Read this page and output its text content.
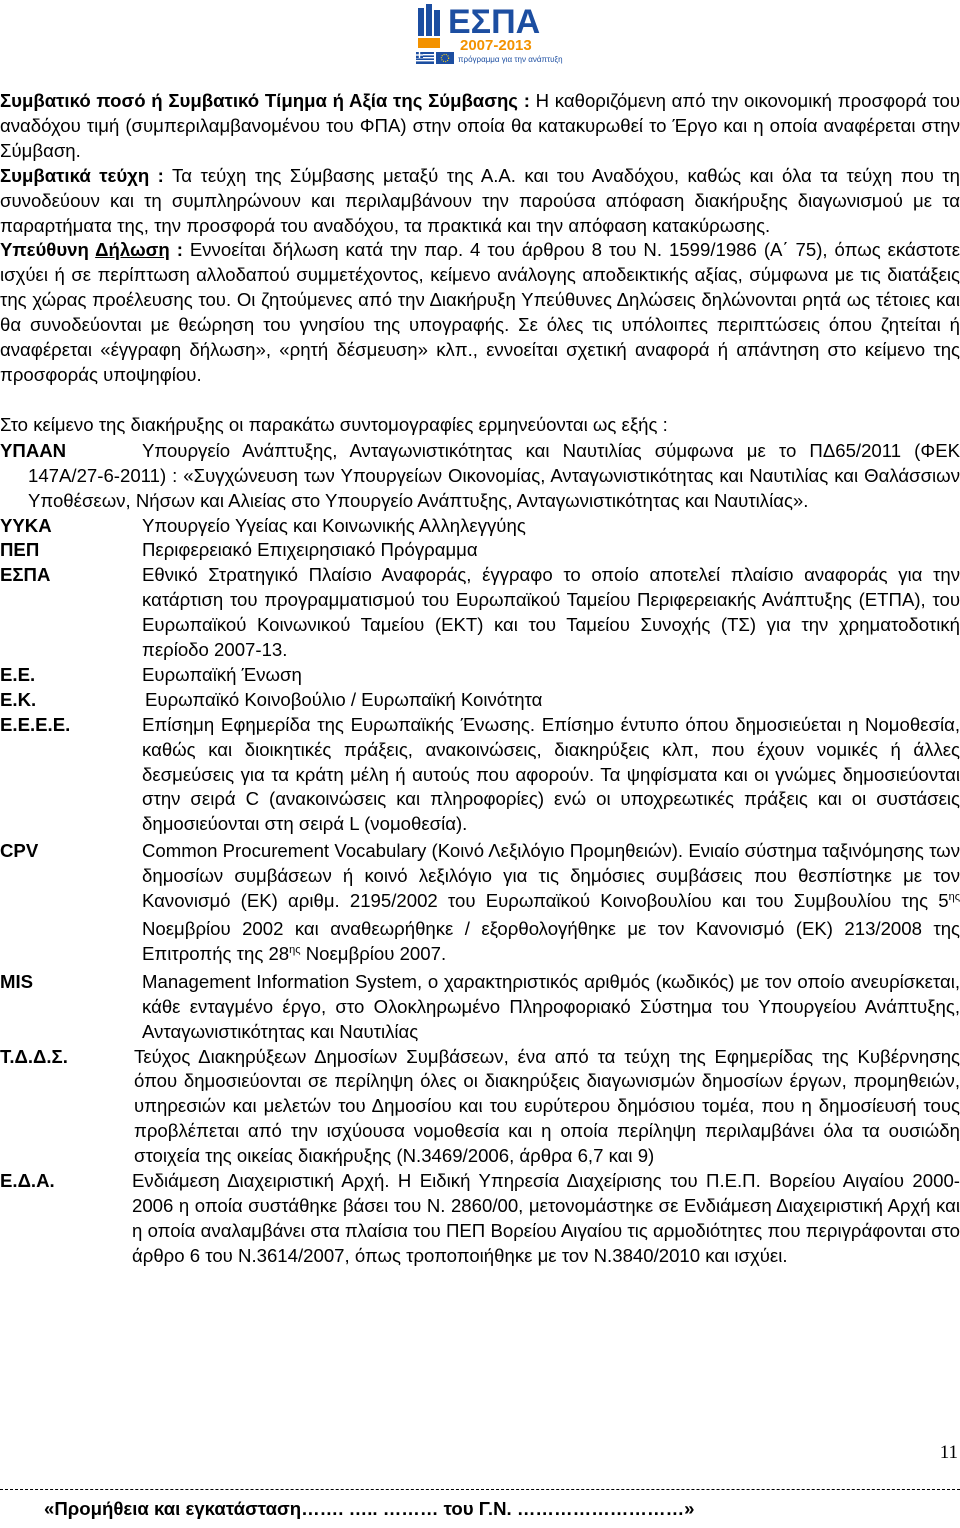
ΕΣΠΑ
2007-2013
πρόγραμμα για την ανάπτυξη

Συμβατικό ποσό ή Συμβατικό Τίμημα ή Αξία της Σύμβασης : Η καθοριζόμενη από την οικονομική προσφορά του αναδόχου τιμή (συμπεριλαμβανομένου του ΦΠΑ) στην οποία θα κατακυρωθεί το Έργο και η οποία αναφέρεται στην Σύμβαση.

Συμβατικά τεύχη : Τα τεύχη της Σύμβασης μεταξύ της Α.Α. και του Αναδόχου, καθώς και όλα τα τεύχη που τη συνοδεύουν και τη συμπληρώνουν και περιλαμβάνουν την παρούσα απόφαση διακήρυξης διαγωνισμού με τα παραρτήματα της, την προσφορά του αναδόχου, τα πρακτικά και την απόφαση κατακύρωσης.

Υπεύθυνη Δήλωση : Εννοείται δήλωση κατά την παρ. 4 του άρθρου 8 του Ν. 1599/1986 (Α΄ 75), όπως εκάστοτε ισχύει ή σε περίπτωση αλλοδαπού συμμετέχοντος, κείμενο ανάλογης αποδεικτικής αξίας, σύμφωνα με τις διατάξεις της χώρας προέλευσης του. Οι ζητούμενες από την Διακήρυξη Υπεύθυνες Δηλώσεις δηλώνονται ρητά ως τέτοιες και θα συνοδεύονται με θεώρηση του γνησίου της υπογραφής. Σε όλες τις υπόλοιπες περιπτώσεις όπου ζητείται ή αναφέρεται «έγγραφη δήλωση», «ρητή δέσμευση» κλπ., εννοείται σχετική αναφορά ή απάντηση στο κείμενο της προσφοράς υποψηφίου.

Στο κείμενο της διακήρυξης οι παρακάτω συντομογραφίες ερμηνεύονται ως εξής :

ΥΠΑΑΝ	Υπουργείο Ανάπτυξης, Ανταγωνιστικότητας και Ναυτιλίας σύμφωνα με το ΠΔ65/2011 (ΦΕΚ 147Α/27-6-2011) : «Συγχώνευση των Υπουργείων Οικονομίας, Ανταγωνιστικότητας και Ναυτιλίας και Θαλάσσιων Υποθέσεων, Νήσων και Αλιείας στο Υπουργείο Ανάπτυξης, Ανταγωνιστικότητας και Ναυτιλίας».
ΥΥΚΑ	Υπουργείο Υγείας και Κοινωνικής Αλληλεγγύης
ΠΕΠ	Περιφερειακό Επιχειρησιακό Πρόγραμμα
ΕΣΠΑ	Εθνικό Στρατηγικό Πλαίσιο Αναφοράς, έγγραφο το οποίο αποτελεί πλαίσιο αναφοράς για την κατάρτιση του προγραμματισμού του Ευρωπαϊκού Ταμείου Περιφερειακής Ανάπτυξης (ΕΤΠΑ), του Ευρωπαϊκού Κοινωνικού Ταμείου (ΕΚΤ) και του Ταμείου Συνοχής (ΤΣ) για την χρηματοδοτική περίοδο 2007-13.
Ε.Ε.	Ευρωπαϊκή Ένωση
Ε.Κ.	Ευρωπαϊκό Κοινοβούλιο / Ευρωπαϊκή Κοινότητα
Ε.Ε.Ε.Ε.	Επίσημη Εφημερίδα της Ευρωπαϊκής Ένωσης. Επίσημο έντυπο όπου δημοσιεύεται η Νομοθεσία, καθώς και διοικητικές πράξεις, ανακοινώσεις, διακηρύξεις κλπ, που έχουν νομικές ή άλλες δεσμεύσεις για τα κράτη μέλη ή αυτούς που αφορούν. Τα ψηφίσματα και οι γνώμες δημοσιεύονται στην σειρά C (ανακοινώσεις και πληροφορίες) ενώ οι υποχρεωτικές πράξεις και οι συστάσεις δημοσιεύονται στη σειρά L (νομοθεσία).
CPV	Common Procurement Vocabulary (Κοινό Λεξιλόγιο Προμηθειών). Ενιαίο σύστημα ταξινόμησης των δημοσίων συμβάσεων ή κοινό λεξιλόγιο για τις δημόσιες συμβάσεις που θεσπίστηκε με τον Κανονισμό (ΕΚ) αριθμ. 2195/2002 του Ευρωπαϊκού Κοινοβουλίου και του Συμβουλίου της $5^{\eta\varsigma}$ Νοεμβρίου 2002 και αναθεωρήθηκε / εξορθολογήθηκε με τον Κανονισμό (ΕΚ) 213/2008 της Επιτροπής της $28^{\eta\varsigma}$ Νοεμβρίου 2007.
MIS	Management Information System, ο χαρακτηριστικός αριθμός (κωδικός) με τον οποίο ανευρίσκεται, κάθε ενταγμένο έργο, στο Ολοκληρωμένο Πληροφοριακό Σύστημα του Υπουργείου Ανάπτυξης, Ανταγωνιστικότητας και Ναυτιλίας
Τ.Δ.Δ.Σ.	Τεύχος Διακηρύξεων Δημοσίων Συμβάσεων, ένα από τα τεύχη της Εφημερίδας της Κυβέρνησης όπου δημοσιεύονται σε περίληψη όλες οι διακηρύξεις διαγωνισμών δημοσίων έργων, προμηθειών, υπηρεσιών και μελετών του Δημοσίου και του ευρύτερου δημόσιου τομέα, που η δημοσίευσή τους προβλέπεται από την ισχύουσα νομοθεσία και η οποία περίληψη περιλαμβάνει όλα τα ουσιώδη στοιχεία της οικείας διακήρυξης (Ν.3469/2006, άρθρα 6,7 και 9)
Ε.Δ.Α.	Ενδιάμεση Διαχειριστική Αρχή. Η Ειδική Υπηρεσία Διαχείρισης του Π.Ε.Π. Βορείου Αιγαίου 2000-2006 η οποία συστάθηκε βάσει του Ν. 2860/00, μετονομάστηκε σε Ενδιάμεση Διαχειριστική Αρχή και η οποία αναλαμβάνει στα πλαίσια του ΠΕΠ Βορείου Αιγαίου τις αρμοδιότητες που περιγράφονται στο άρθρο 6 του Ν.3614/2007, όπως τροποποιήθηκε με τον Ν.3840/2010 και ισχύει.
11
«Προμήθεια και εγκατάσταση……. ….. ……… του Γ.Ν. ………………………»
